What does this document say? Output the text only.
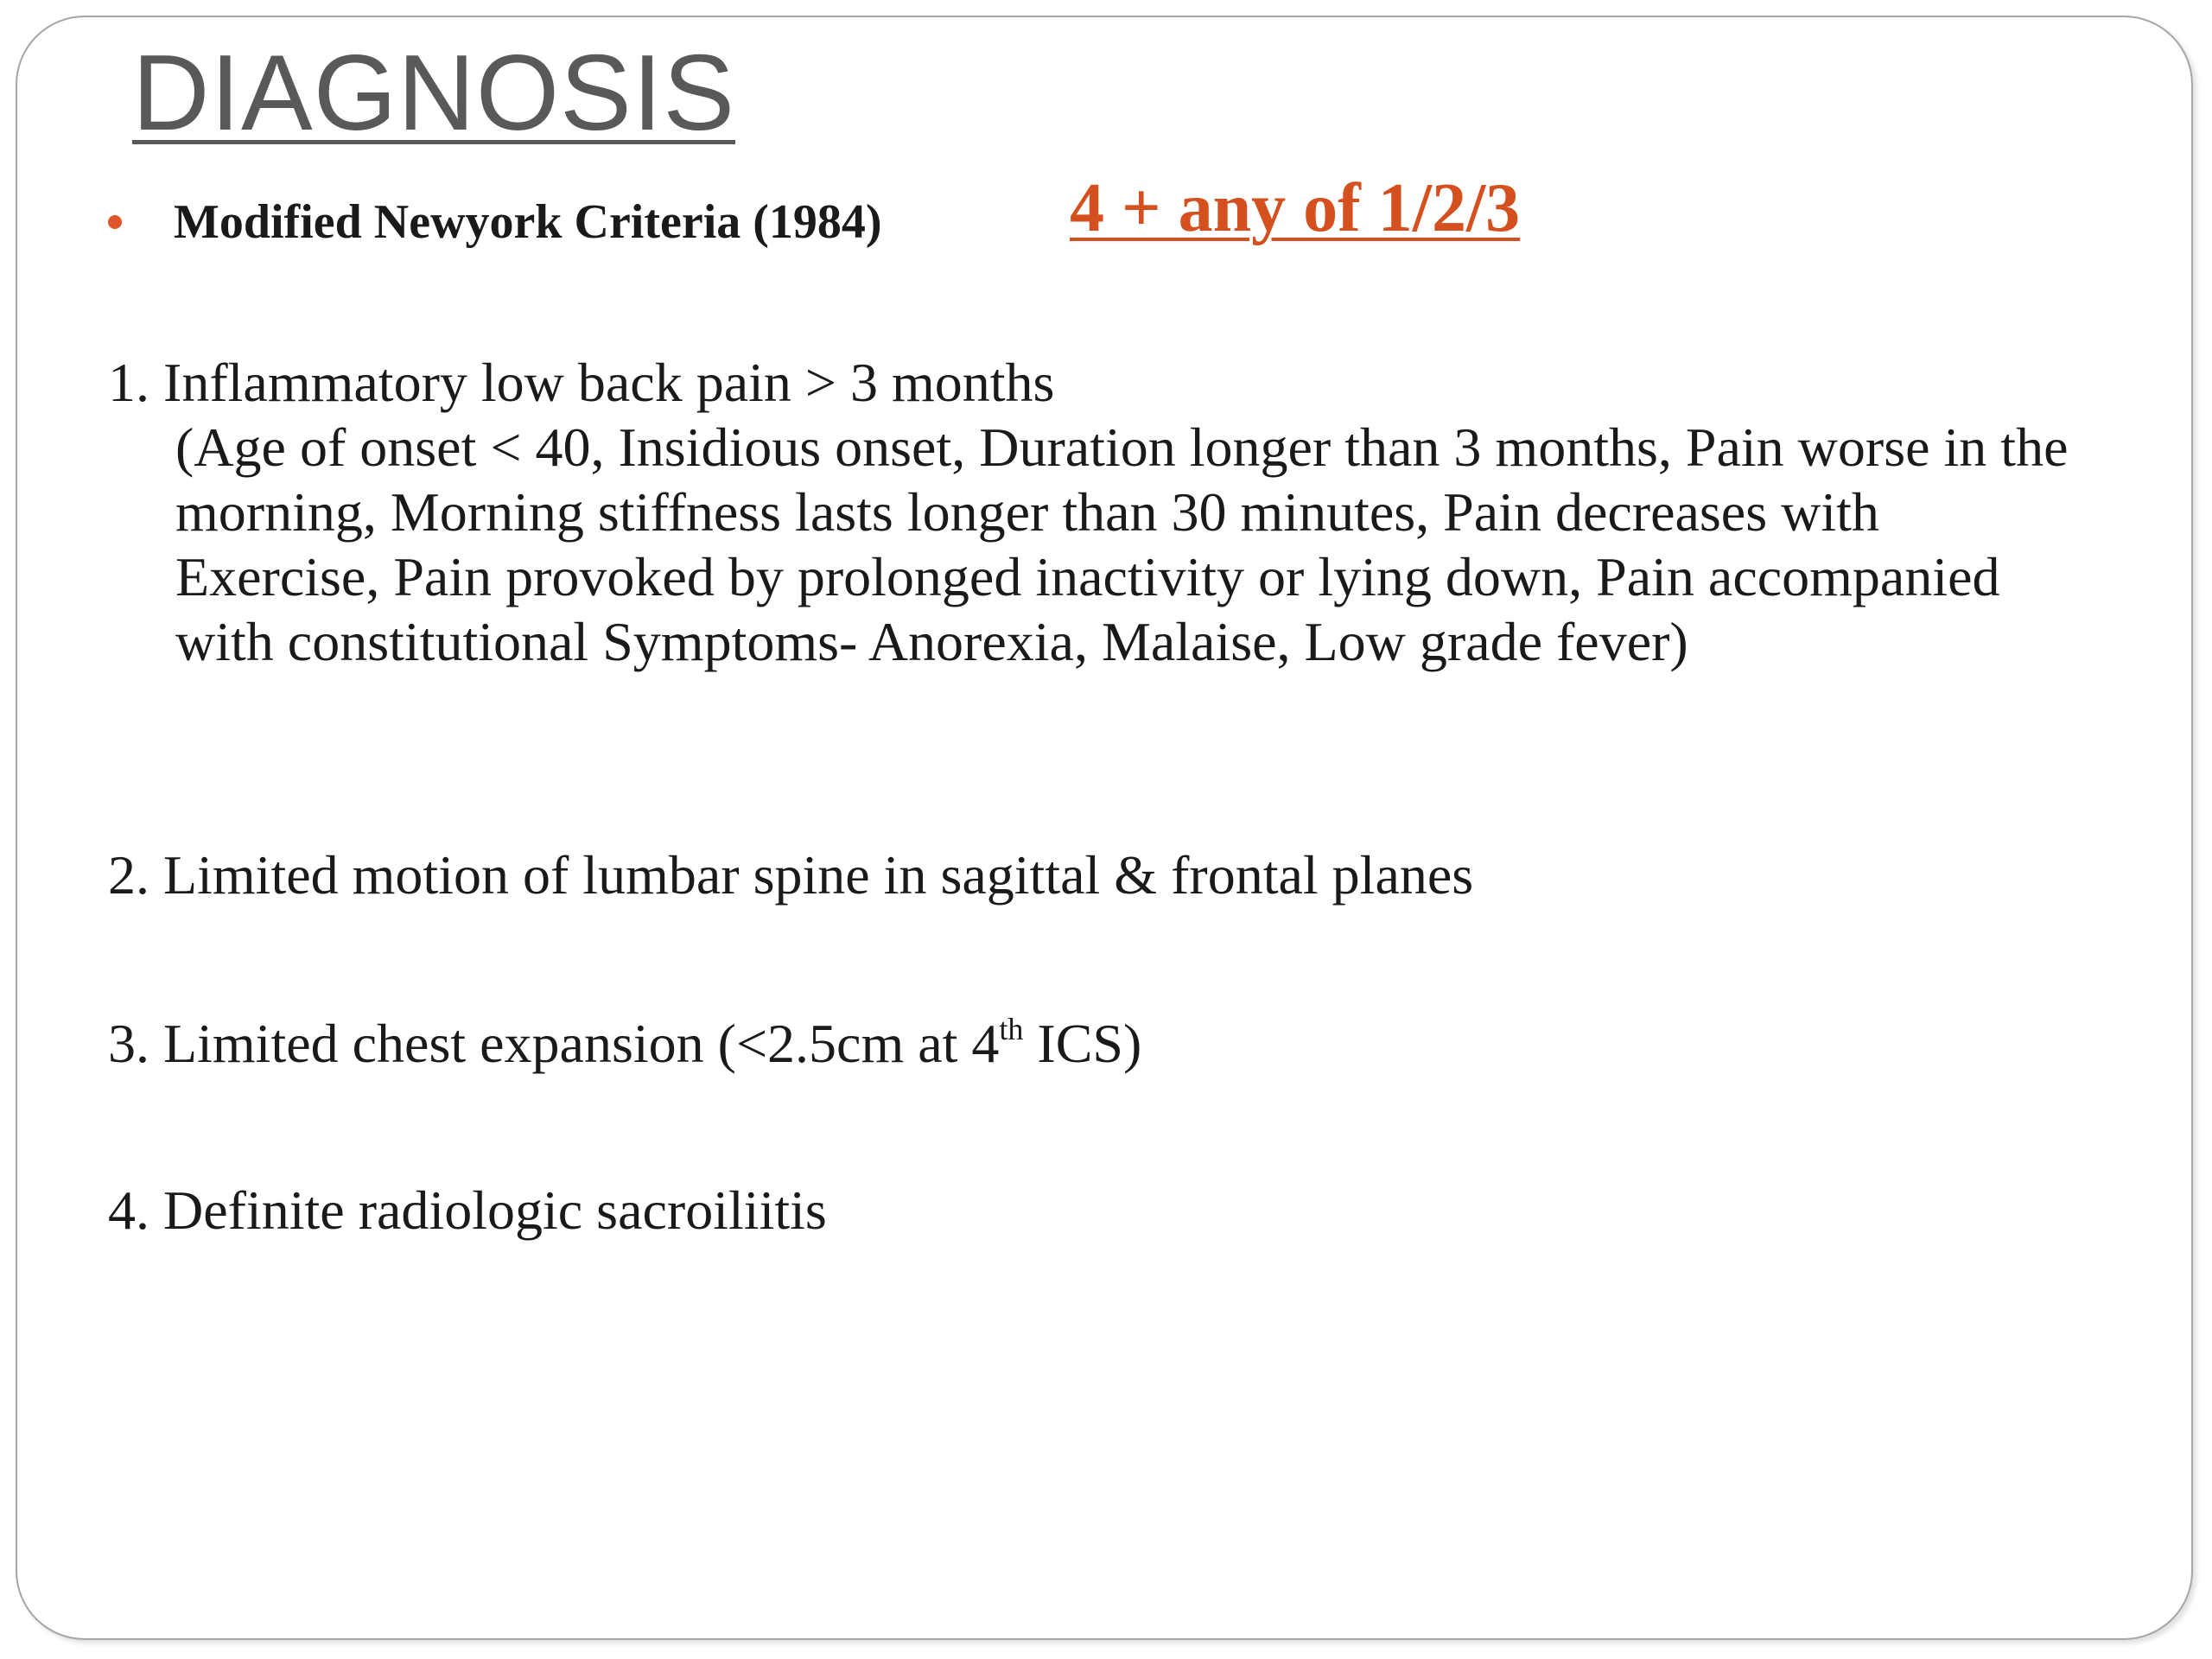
DIAGNOSIS
Modified Newyork Criteria (1984)	4 + any of 1/2/3
1. Inflammatory low back pain > 3 months
(Age of onset < 40, Insidious onset, Duration longer than 3 months, Pain worse in the morning, Morning stiffness lasts longer than 30 minutes, Pain decreases with Exercise, Pain provoked by prolonged inactivity or lying down, Pain accompanied with constitutional Symptoms- Anorexia, Malaise, Low grade fever)
2. Limited motion of lumbar spine in sagittal & frontal planes
3. Limited chest expansion (<2.5cm at 4th ICS)
4. Definite radiologic sacroiliitis
